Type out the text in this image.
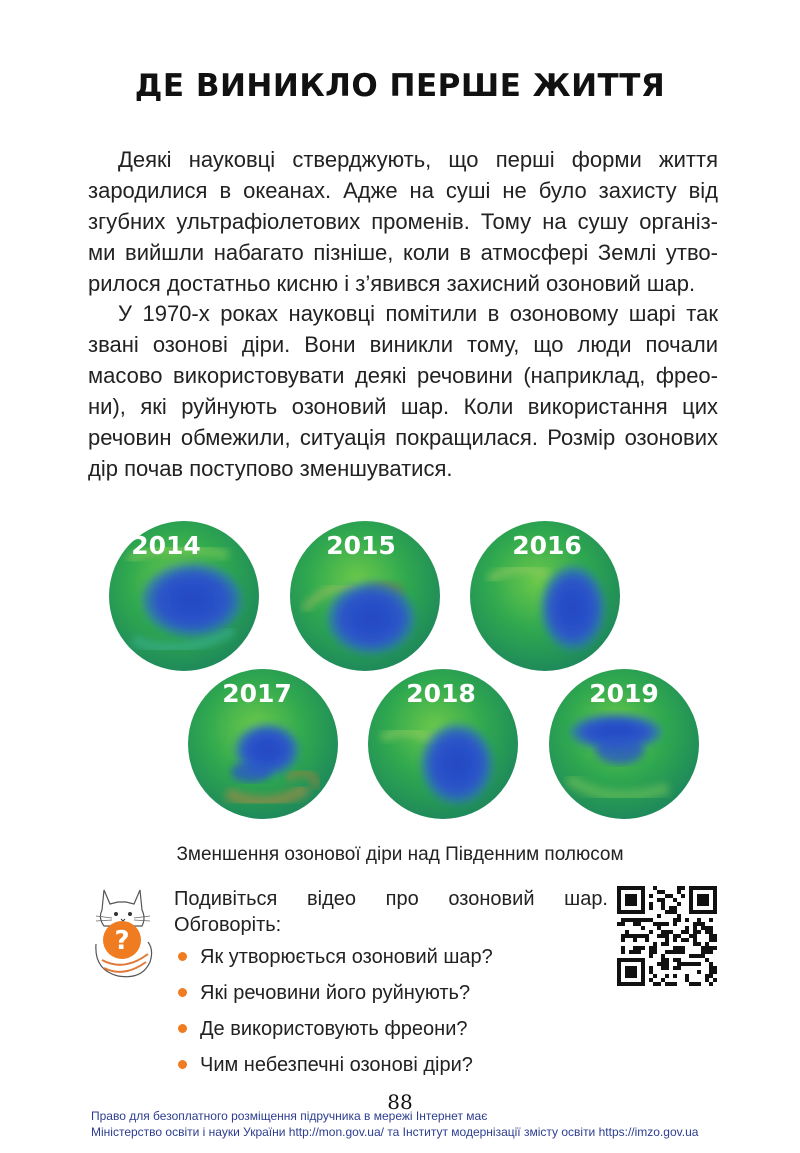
ДЕ ВИНИКЛО ПЕРШЕ ЖИТТЯ

Деякі науковці стверджують, що перші форми життя
зародилися в океанах. Адже на суші не було захисту від
згубних ультрафіолетових променів. Тому на сушу організ-
ми вийшли набагато пізніше, коли в атмосфері Землі утво-
рилося достатньо кисню і з’явився захисний озоновий шар.

У 1970-х роках науковці помітили в озоновому шарі так
звані озонові діри. Вони виникли тому, що люди почали
масово використовувати деякі речовини (наприклад, фрео-
ни), які руйнують озоновий шар. Коли використання цих
речовин обмежили, ситуація покращилася. Розмір озонових
дір почав поступово зменшуватися.

2014	2015	2016
2017	2018	2019
Зменшення озонової діри над Південним полюсом
?
Подивіться відео про озоновий шар.
Обговоріть:
Як утворюється озоновий шар?
Які речовини його руйнують?
Де використовують фреони?
Чим небезпечні озонові діри?
88
Право для безоплатного розміщення підручника в мережі Інтернет має
Міністерство освіти і науки України http://mon.gov.ua/ та Інститут модернізації змісту освіти https://imzo.gov.ua
